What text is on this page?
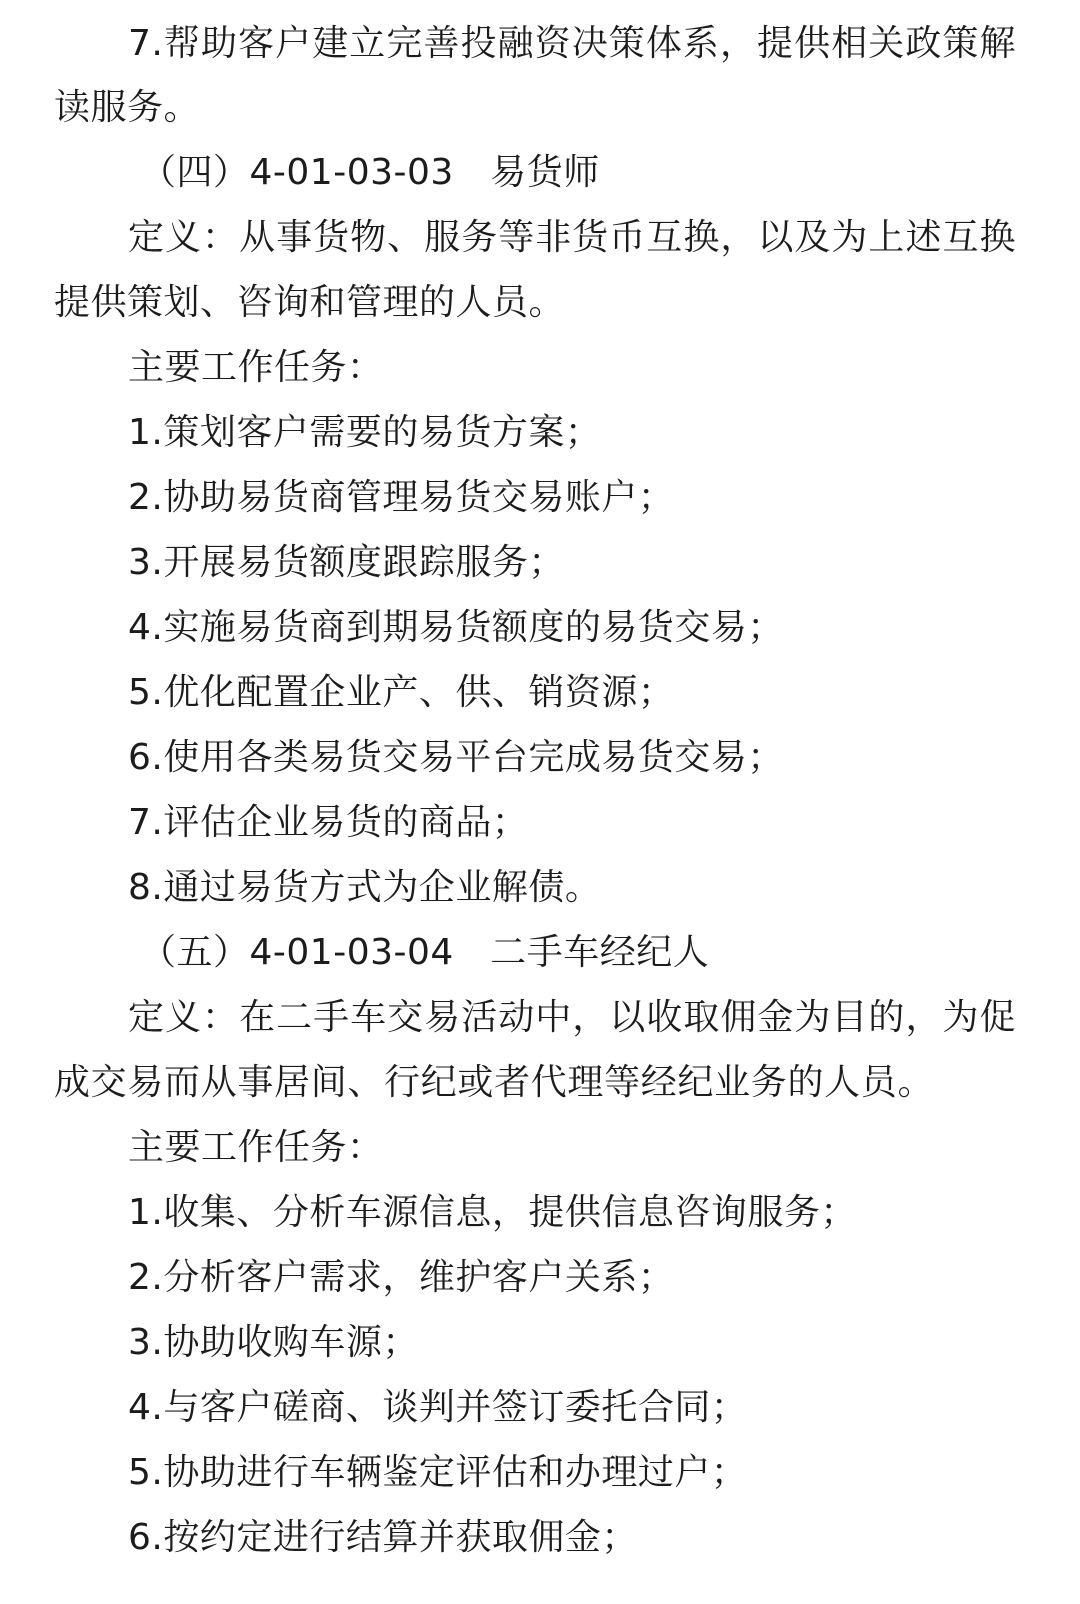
7.帮助客户建立完善投融资决策体系，提供相关政策解
读服务。
（四）4-01-03-03　易货师
定义：从事货物、服务等非货币互换，以及为上述互换
提供策划、咨询和管理的人员。
主要工作任务：
1.策划客户需要的易货方案；
2.协助易货商管理易货交易账户；
3.开展易货额度跟踪服务；
4.实施易货商到期易货额度的易货交易；
5.优化配置企业产、供、销资源；
6.使用各类易货交易平台完成易货交易；
7.评估企业易货的商品；
8.通过易货方式为企业解债。
（五）4-01-03-04　二手车经纪人
定义：在二手车交易活动中，以收取佣金为目的，为促
成交易而从事居间、行纪或者代理等经纪业务的人员。
主要工作任务：
1.收集、分析车源信息，提供信息咨询服务；
2.分析客户需求，维护客户关系；
3.协助收购车源；
4.与客户磋商、谈判并签订委托合同；
5.协助进行车辆鉴定评估和办理过户；
6.按约定进行结算并获取佣金；
